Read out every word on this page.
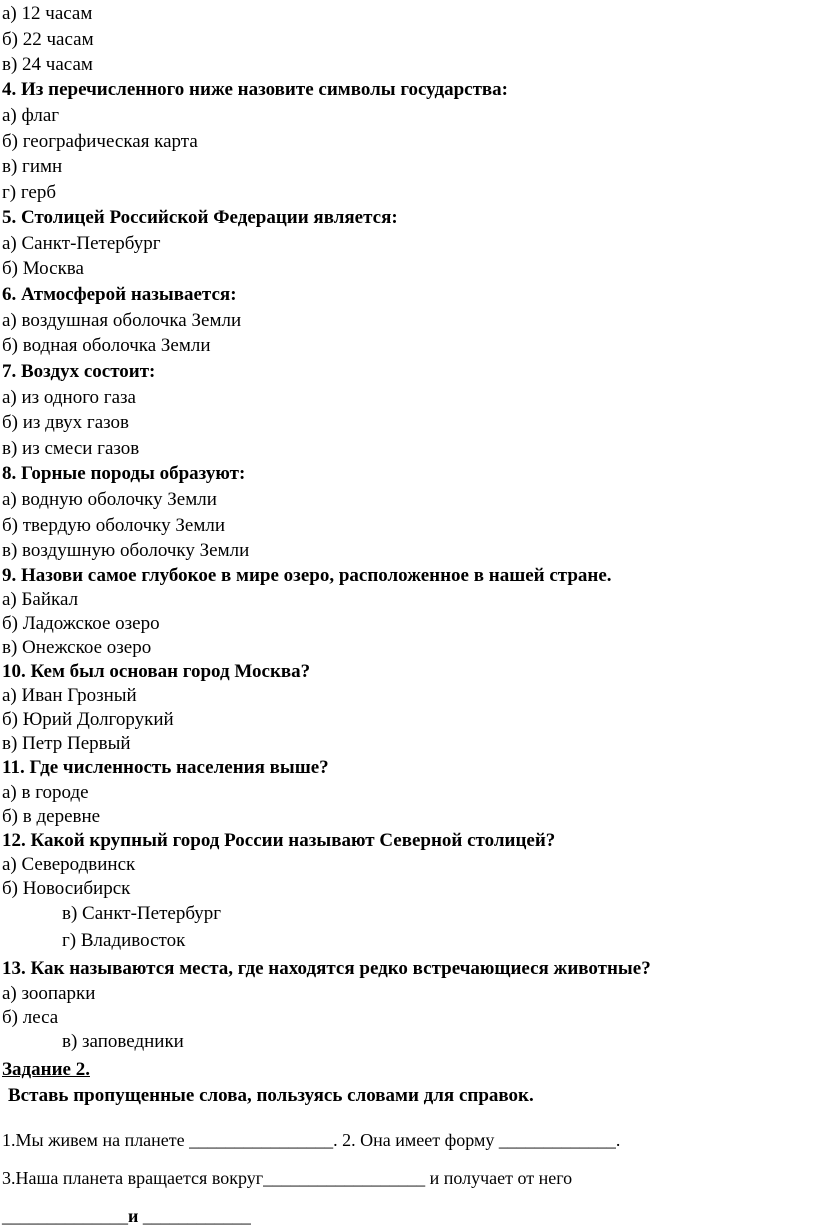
а) 12 часам
б) 22 часам
в) 24 часам
4. Из перечисленного ниже назовите символы государства:
а) флаг
б) географическая карта
в) гимн
г) герб
5. Столицей Российской Федерации является:
а) Санкт-Петербург
б) Москва
6. Атмосферой называется:
а) воздушная оболочка Земли
б) водная оболочка Земли
7. Воздух состоит:
а) из одного газа
б) из двух газов
в) из смеси газов
8. Горные породы образуют:
а) водную оболочку Земли
б) твердую оболочку Земли
в) воздушную оболочку Земли
9. Назови самое глубокое в мире озеро, расположенное в нашей стране.
а) Байкал
б) Ладожское озеро
в) Онежское озеро
10. Кем был основан город Москва?
а) Иван Грозный
б) Юрий Долгорукий
в) Петр Первый
11. Где численность населения выше?
а) в городе
б) в деревне
12. Какой крупный город России называют Северной столицей?
а) Северодвинск
б) Новосибирск
в) Санкт-Петербург
г) Владивосток
13. Как называются места, где находятся редко встречающиеся животные?
а) зоопарки
б) леса
в) заповедники
Задание 2.
Вставь пропущенные слова, пользуясь словами для справок.
1.Мы живем на планете ________________. 2. Она имеет форму _____________.
3.Наша планета вращается вокруг__________________ и получает от него
______________и ____________
